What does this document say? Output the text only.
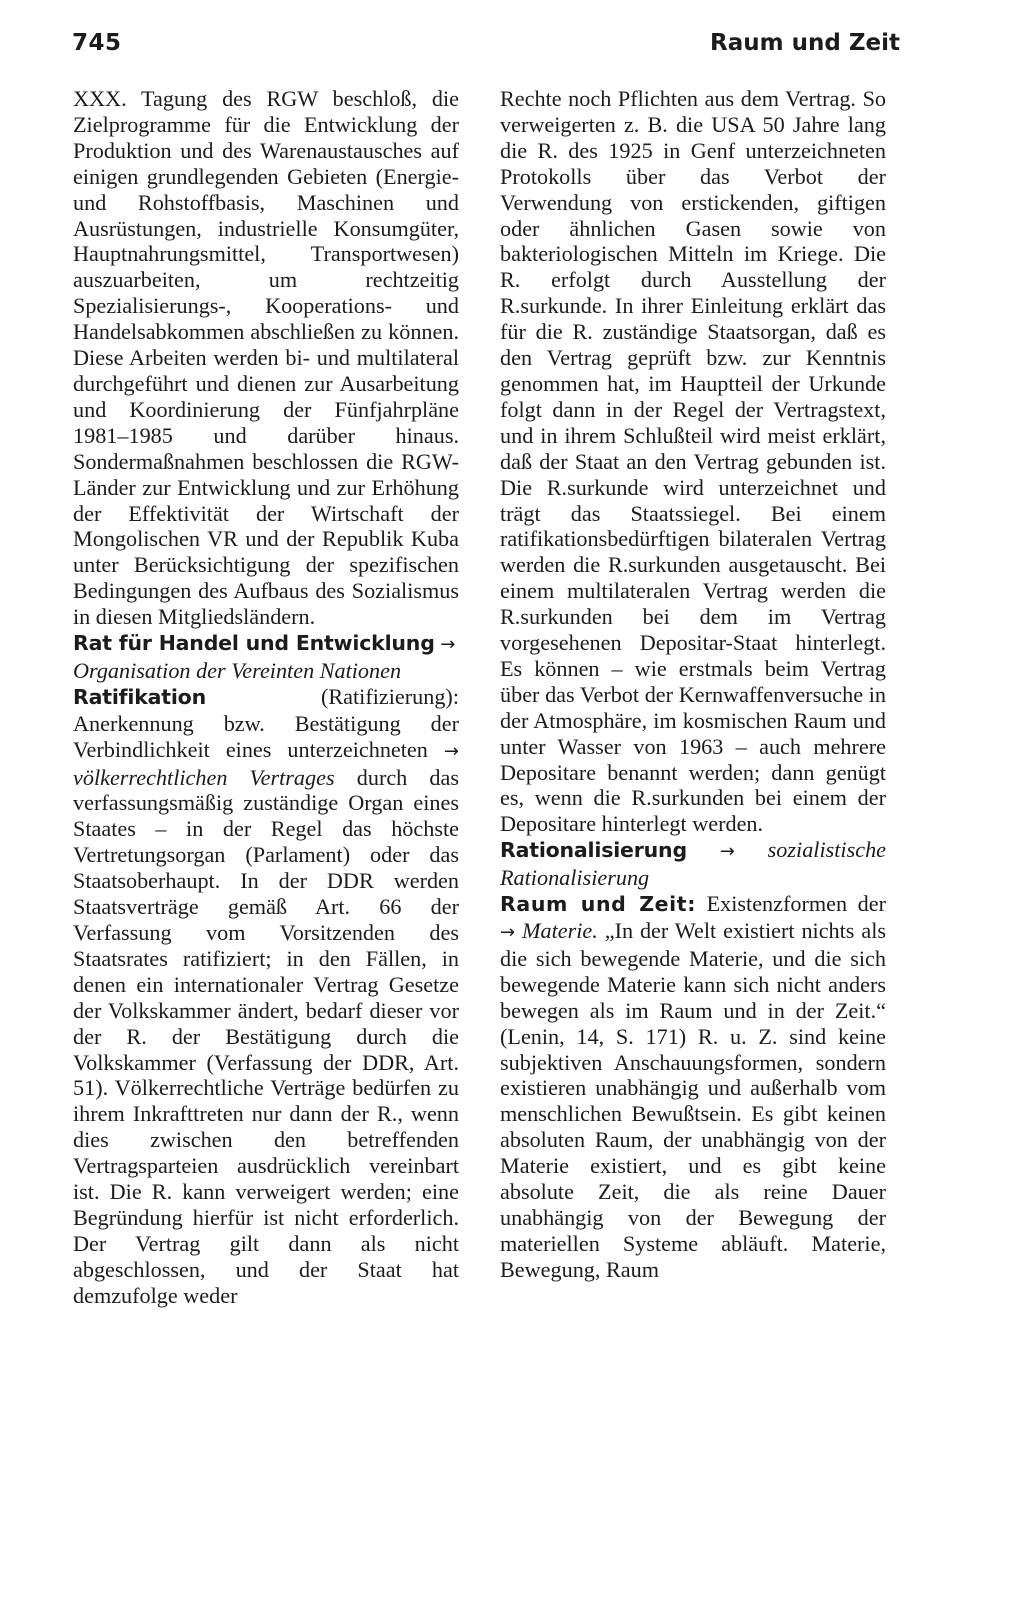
745	Raum und Zeit

XXX. Tagung des RGW beschloß, die Zielprogramme für die Entwicklung der Produktion und des Warenaustausches auf einigen grundlegenden Gebieten (Energie- und Rohstoffbasis, Maschinen und Ausrüstungen, industrielle Konsumgüter, Hauptnahrungsmittel, Transportwesen) auszuarbeiten, um rechtzeitig Spezialisierungs-, Kooperations- und Handelsabkommen abschließen zu können. Diese Arbeiten werden bi- und multilateral durchgeführt und dienen zur Ausarbeitung und Koordinierung der Fünfjahrpläne 1981–1985 und darüber hinaus. Sondermaßnahmen beschlossen die RGW-Länder zur Entwicklung und zur Erhöhung der Effektivität der Wirtschaft der Mongolischen VR und der Republik Kuba unter Berücksichtigung der spezifischen Bedingungen des Aufbaus des Sozialismus in diesen Mitgliedsländern.

Rat für Handel und Entwicklung →
Organisation der Vereinten Nationen

Ratifikation (Ratifizierung): Anerkennung bzw. Bestätigung der Verbindlichkeit eines unterzeichneten → völkerrechtlichen Vertrages durch das verfassungsmäßig zuständige Organ eines Staates – in der Regel das höchste Vertretungsorgan (Parlament) oder das Staatsoberhaupt. In der DDR werden Staatsverträge gemäß Art. 66 der Verfassung vom Vorsitzenden des Staatsrates ratifiziert; in den Fällen, in denen ein internationaler Vertrag Gesetze der Volkskammer ändert, bedarf dieser vor der R. der Bestätigung durch die Volkskammer (Verfassung der DDR, Art. 51). Völkerrechtliche Verträge bedürfen zu ihrem Inkrafttreten nur dann der R., wenn dies zwischen den betreffenden Vertragsparteien ausdrücklich vereinbart ist. Die R. kann verweigert werden; eine Begründung hierfür ist nicht erforderlich. Der Vertrag gilt dann als nicht abgeschlossen, und der Staat hat demzufolge weder

Rechte noch Pflichten aus dem Vertrag. So verweigerten z. B. die USA 50 Jahre lang die R. des 1925 in Genf unterzeichneten Protokolls über das Verbot der Verwendung von erstickenden, giftigen oder ähnlichen Gasen sowie von bakteriologischen Mitteln im Kriege. Die R. erfolgt durch Ausstellung der R.surkunde. In ihrer Einleitung erklärt das für die R. zuständige Staatsorgan, daß es den Vertrag geprüft bzw. zur Kenntnis genommen hat, im Hauptteil der Urkunde folgt dann in der Regel der Vertragstext, und in ihrem Schlußteil wird meist erklärt, daß der Staat an den Vertrag gebunden ist. Die R.surkunde wird unterzeichnet und trägt das Staatssiegel. Bei einem ratifikationsbedürftigen bilateralen Vertrag werden die R.surkunden ausgetauscht. Bei einem multilateralen Vertrag werden die R.surkunden bei dem im Vertrag vorgesehenen Depositar-Staat hinterlegt. Es können – wie erstmals beim Vertrag über das Verbot der Kernwaffenversuche in der Atmosphäre, im kosmischen Raum und unter Wasser von 1963 – auch mehrere Depositare benannt werden; dann genügt es, wenn die R.surkunden bei einem der Depositare hinterlegt werden.

Rationalisierung → sozialistische Rationalisierung

Raum und Zeit: Existenzformen der → Materie. „In der Welt existiert nichts als die sich bewegende Materie, und die sich bewegende Materie kann sich nicht anders bewegen als im Raum und in der Zeit.“ (Lenin, 14, S. 171) R. u. Z. sind keine subjektiven Anschauungsformen, sondern existieren unabhängig und außerhalb vom menschlichen Bewußtsein. Es gibt keinen absoluten Raum, der unabhängig von der Materie existiert, und es gibt keine absolute Zeit, die als reine Dauer unabhängig von der Bewegung der materiellen Systeme abläuft. Materie, Bewegung, Raum
